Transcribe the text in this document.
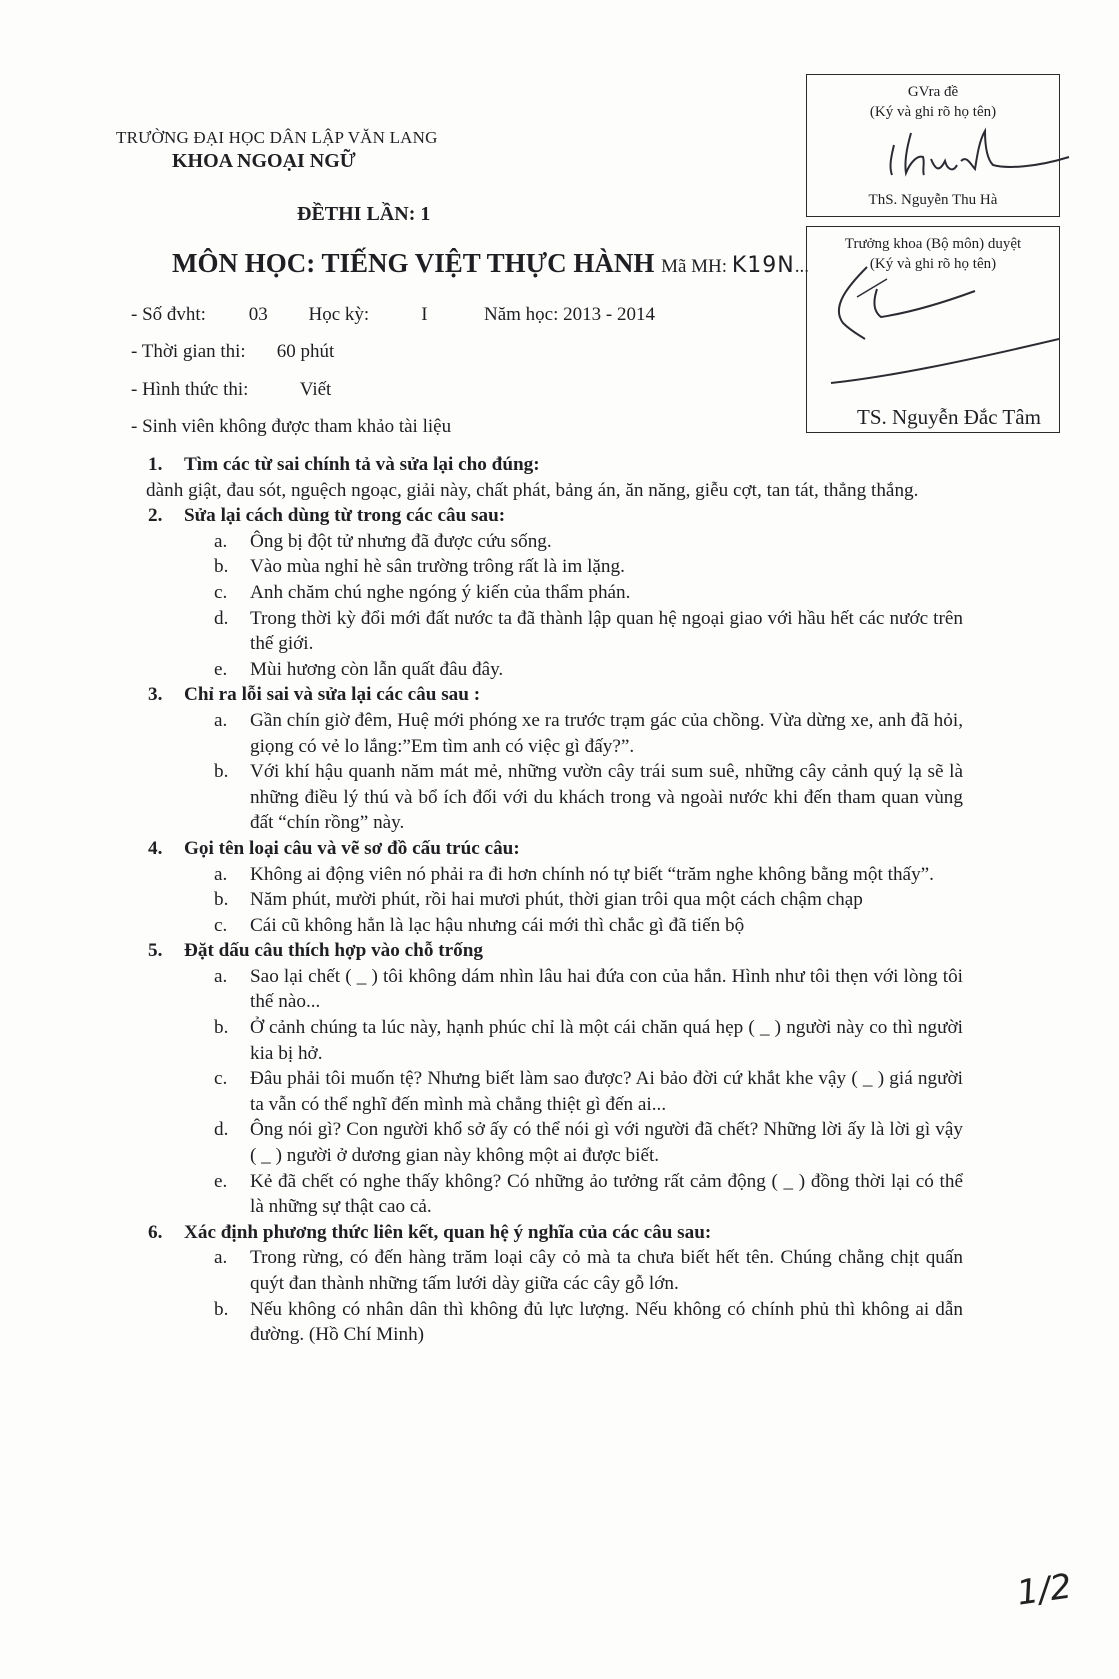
TRƯỜNG ĐẠI HỌC DÂN LẬP VĂN LANG
KHOA NGOẠI NGỮ
ĐỀTHI LẦN: 1
MÔN HỌC: TIẾNG VIỆT THỰC HÀNH Mã MH: K19N...
- Số đvht: 03 Học kỳ:	I	Năm học: 2013 - 2014
- Thời gian thi: 60 phút
- Hình thức thi:	Viết
- Sinh viên không được tham khảo tài liệu
GVra đề
(Ký và ghi rõ họ tên)
ThS. Nguyễn Thu Hà
Trưởng khoa (Bộ môn) duyệt
(Ký và ghi rõ họ tên)
TS. Nguyễn Đắc Tâm
1.	Tìm các từ sai chính tả và sửa lại cho đúng:
dành giật, đau sót, nguệch ngoạc, giải này, chất phát, bảng án, ăn năng, giễu cợt, tan tát, thẳng thắng.
2.	Sửa lại cách dùng từ trong các câu sau:
a.	Ông bị đột tử nhưng đã được cứu sống.
b.	Vào mùa nghỉ hè sân trường trông rất là im lặng.
c.	Anh chăm chú nghe ngóng ý kiến của thẩm phán.
d.	Trong thời kỳ đổi mới đất nước ta đã thành lập quan hệ ngoại giao với hầu hết các nước trên thế giới.
e.	Mùi hương còn lẫn quất đâu đây.
3.	Chỉ ra lỗi sai và sửa lại các câu sau :
a.	Gần chín giờ đêm, Huệ mới phóng xe ra trước trạm gác của chồng. Vừa dừng xe, anh đã hỏi, giọng có vẻ lo lắng:”Em tìm anh có việc gì đấy?”.
b.	Với khí hậu quanh năm mát mẻ, những vườn cây trái sum suê, những cây cảnh quý lạ sẽ là những điều lý thú và bổ ích đối với du khách trong và ngoài nước khi đến tham quan vùng đất “chín rồng” này.
4.	Gọi tên loại câu và vẽ sơ đồ cấu trúc câu:
a.	Không ai động viên nó phải ra đi hơn chính nó tự biết “trăm nghe không bằng một thấy”.
b.	Năm phút, mười phút, rồi hai mươi phút, thời gian trôi qua một cách chậm chạp
c.	Cái cũ không hẳn là lạc hậu nhưng cái mới thì chắc gì đã tiến bộ
5.	Đặt dấu câu thích hợp vào chỗ trống
a.	Sao lại chết ( _ ) tôi không dám nhìn lâu hai đứa con của hắn. Hình như tôi thẹn với lòng tôi thế nào...
b.	Ở cảnh chúng ta lúc này, hạnh phúc chỉ là một cái chăn quá hẹp ( _ ) người này co thì người kia bị hở.
c.	Đâu phải tôi muốn tệ? Nhưng biết làm sao được? Ai bảo đời cứ khắt khe vậy ( _ ) giá người ta vẫn có thể nghĩ đến mình mà chẳng thiệt gì đến ai...
d.	Ông nói gì? Con người khổ sở ấy có thể nói gì với người đã chết? Những lời ấy là lời gì vậy ( _ ) người ở dương gian này không một ai được biết.
e.	Kẻ đã chết có nghe thấy không? Có những ảo tưởng rất cảm động ( _ ) đồng thời lại có thể là những sự thật cao cả.
6.	Xác định phương thức liên kết, quan hệ ý nghĩa của các câu sau:
a.	Trong rừng, có đến hàng trăm loại cây cỏ mà ta chưa biết hết tên. Chúng chằng chịt quấn quýt đan thành những tấm lưới dày giữa các cây gỗ lớn.
b.	Nếu không có nhân dân thì không đủ lực lượng. Nếu không có chính phủ thì không ai dẫn đường. (Hồ Chí Minh)
1/2
